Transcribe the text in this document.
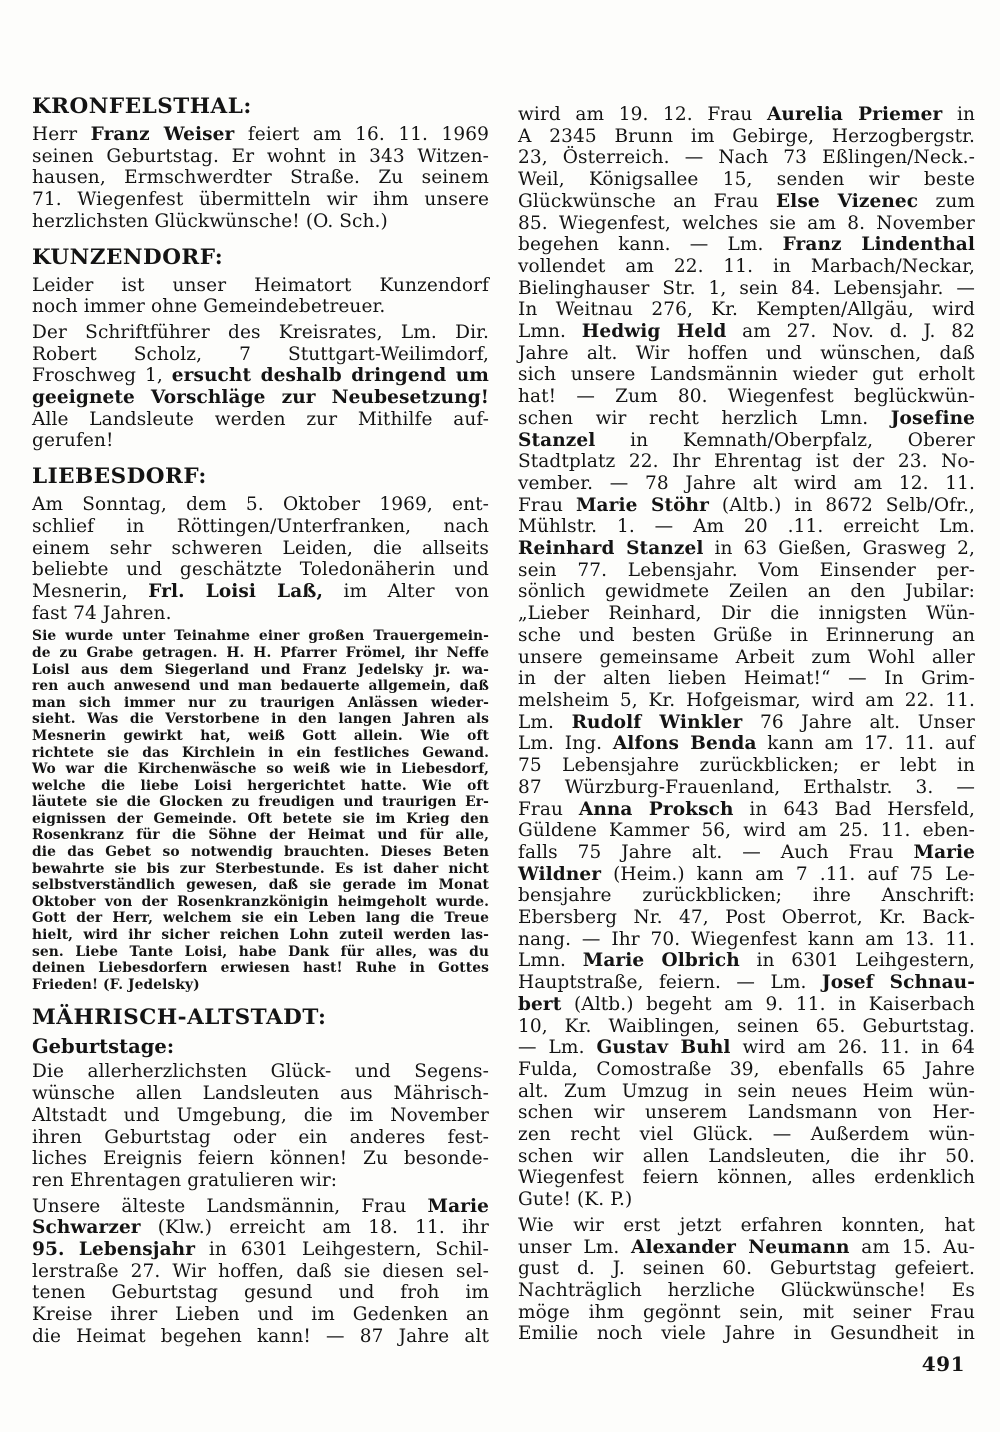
KRONFELSTHAL:
Herr Franz Weiser feiert am 16. 11. 1969
seinen Geburtstag. Er wohnt in 343 Witzen-
hausen, Ermschwerdter Straße. Zu seinem
71. Wiegenfest übermitteln wir ihm unsere
herzlichsten Glückwünsche! (O. Sch.)
KUNZENDORF:
Leider ist unser Heimatort Kunzendorf
noch immer ohne Gemeindebetreuer.
Der Schriftführer des Kreisrates, Lm. Dir.
Robert Scholz, 7 Stuttgart-Weilimdorf,
Froschweg 1, ersucht deshalb dringend um
geeignete Vorschläge zur Neubesetzung!
Alle Landsleute werden zur Mithilfe auf-
gerufen!
LIEBESDORF:
Am Sonntag, dem 5. Oktober 1969, ent-
schlief in Röttingen/Unterfranken, nach
einem sehr schweren Leiden, die allseits
beliebte und geschätzte Toledonäherin und
Mesnerin, Frl. Loisi Laß, im Alter von
fast 74 Jahren.
Sie wurde unter Teinahme einer großen Trauergemein-
de zu Grabe getragen. H. H. Pfarrer Frömel, ihr Neffe
Loisl aus dem Siegerland und Franz Jedelsky jr. wa-
ren auch anwesend und man bedauerte allgemein, daß
man sich immer nur zu traurigen Anlässen wieder-
sieht. Was die Verstorbene in den langen Jahren als
Mesnerin gewirkt hat, weiß Gott allein. Wie oft
richtete sie das Kirchlein in ein festliches Gewand.
Wo war die Kirchenwäsche so weiß wie in Liebesdorf,
welche die liebe Loisi hergerichtet hatte. Wie oft
läutete sie die Glocken zu freudigen und traurigen Er-
eignissen der Gemeinde. Oft betete sie im Krieg den
Rosenkranz für die Söhne der Heimat und für alle,
die das Gebet so notwendig brauchten. Dieses Beten
bewahrte sie bis zur Sterbestunde. Es ist daher nicht
selbstverständlich gewesen, daß sie gerade im Monat
Oktober von der Rosenkranzkönigin heimgeholt wurde.
Gott der Herr, welchem sie ein Leben lang die Treue
hielt, wird ihr sicher reichen Lohn zuteil werden las-
sen. Liebe Tante Loisi, habe Dank für alles, was du
deinen Liebesdorfern erwiesen hast! Ruhe in Gottes
Frieden! (F. Jedelsky)
MÄHRISCH-ALTSTADT:
Geburtstage:
Die allerherzlichsten Glück- und Segens-
wünsche allen Landsleuten aus Mährisch-
Altstadt und Umgebung, die im November
ihren Geburtstag oder ein anderes fest-
liches Ereignis feiern können! Zu besonde-
ren Ehrentagen gratulieren wir:
Unsere älteste Landsmännin, Frau Marie
Schwarzer (Klw.) erreicht am 18. 11. ihr
95. Lebensjahr in 6301 Leihgestern, Schil-
lerstraße 27. Wir hoffen, daß sie diesen sel-
tenen Geburtstag gesund und froh im
Kreise ihrer Lieben und im Gedenken an
die Heimat begehen kann! — 87 Jahre alt
wird am 19. 12. Frau Aurelia Priemer in
A 2345 Brunn im Gebirge, Herzogbergstr.
23, Österreich. — Nach 73 Eßlingen/Neck.-
Weil, Königsallee 15, senden wir beste
Glückwünsche an Frau Else Vizenec zum
85. Wiegenfest, welches sie am 8. November
begehen kann. — Lm. Franz Lindenthal
vollendet am 22. 11. in Marbach/Neckar,
Bielinghauser Str. 1, sein 84. Lebensjahr. —
In Weitnau 276, Kr. Kempten/Allgäu, wird
Lmn. Hedwig Held am 27. Nov. d. J. 82
Jahre alt. Wir hoffen und wünschen, daß
sich unsere Landsmännin wieder gut erholt
hat! — Zum 80. Wiegenfest beglückwün-
schen wir recht herzlich Lmn. Josefine
Stanzel in Kemnath/Oberpfalz, Oberer
Stadtplatz 22. Ihr Ehrentag ist der 23. No-
vember. — 78 Jahre alt wird am 12. 11.
Frau Marie Stöhr (Altb.) in 8672 Selb/Ofr.,
Mühlstr. 1. — Am 20 .11. erreicht Lm.
Reinhard Stanzel in 63 Gießen, Grasweg 2,
sein 77. Lebensjahr. Vom Einsender per-
sönlich gewidmete Zeilen an den Jubilar:
„Lieber Reinhard, Dir die innigsten Wün-
sche und besten Grüße in Erinnerung an
unsere gemeinsame Arbeit zum Wohl aller
in der alten lieben Heimat!“ — In Grim-
melsheim 5, Kr. Hofgeismar, wird am 22. 11.
Lm. Rudolf Winkler 76 Jahre alt. Unser
Lm. Ing. Alfons Benda kann am 17. 11. auf
75 Lebensjahre zurückblicken; er lebt in
87 Würzburg-Frauenland, Erthalstr. 3. —
Frau Anna Proksch in 643 Bad Hersfeld,
Güldene Kammer 56, wird am 25. 11. eben-
falls 75 Jahre alt. — Auch Frau Marie
Wildner (Heim.) kann am 7 .11. auf 75 Le-
bensjahre zurückblicken; ihre Anschrift:
Ebersberg Nr. 47, Post Oberrot, Kr. Back-
nang. — Ihr 70. Wiegenfest kann am 13. 11.
Lmn. Marie Olbrich in 6301 Leihgestern,
Hauptstraße, feiern. — Lm. Josef Schnau-
bert (Altb.) begeht am 9. 11. in Kaiserbach
10, Kr. Waiblingen, seinen 65. Geburtstag.
— Lm. Gustav Buhl wird am 26. 11. in 64
Fulda, Comostraße 39, ebenfalls 65 Jahre
alt. Zum Umzug in sein neues Heim wün-
schen wir unserem Landsmann von Her-
zen recht viel Glück. — Außerdem wün-
schen wir allen Landsleuten, die ihr 50.
Wiegenfest feiern können, alles erdenklich
Gute! (K. P.)
Wie wir erst jetzt erfahren konnten, hat
unser Lm. Alexander Neumann am 15. Au-
gust d. J. seinen 60. Geburtstag gefeiert.
Nachträglich herzliche Glückwünsche! Es
möge ihm gegönnt sein, mit seiner Frau
Emilie noch viele Jahre in Gesundheit in
491
